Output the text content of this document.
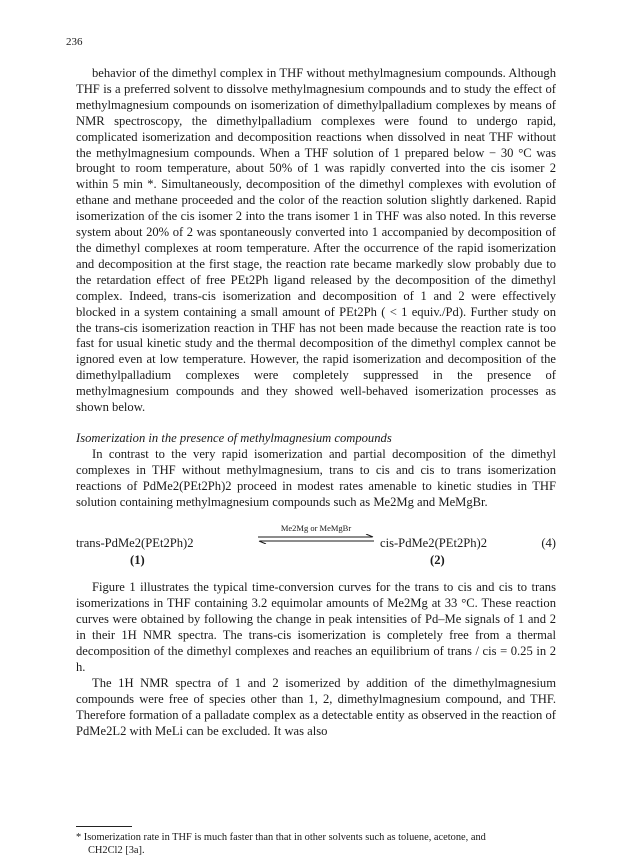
236

behavior of the dimethyl complex in THF without methylmagnesium compounds. Although THF is a preferred solvent to dissolve methylmagnesium compounds and to study the effect of methylmagnesium compounds on isomerization of dimethylpalladium complexes by means of NMR spectroscopy, the dimethylpalladium complexes were found to undergo rapid, complicated isomerization and decomposition reactions when dissolved in neat THF without the methylmagnesium compounds. When a THF solution of 1 prepared below − 30 °C was brought to room temperature, about 50% of 1 was rapidly converted into the cis isomer 2 within 5 min *. Simultaneously, decomposition of the dimethyl complexes with evolution of ethane and methane proceeded and the color of the reaction solution slightly darkened. Rapid isomerization of the cis isomer 2 into the trans isomer 1 in THF was also noted. In this reverse system about 20% of 2 was spontaneously converted into 1 accompanied by decomposition of the dimethyl complexes at room temperature. After the occurrence of the rapid isomerization and decomposition at the first stage, the reaction rate became markedly slow probably due to the retardation effect of free PEt2Ph ligand released by the decomposition of the dimethyl complex. Indeed, trans-cis isomerization and decomposition of 1 and 2 were effectively blocked in a system containing a small amount of PEt2Ph ( < 1 equiv./Pd). Further study on the trans-cis isomerization reaction in THF has not been made because the reaction rate is too fast for usual kinetic study and the thermal decomposition of the dimethyl complex cannot be ignored even at low temperature. However, the rapid isomerization and decomposition of the dimethylpalladium complexes were completely suppressed in the presence of methylmagnesium compounds and they showed well-behaved isomerization processes as shown below.

Isomerization in the presence of methylmagnesium compounds

In contrast to the very rapid isomerization and partial decomposition of the dimethyl complexes in THF without methylmagnesium, trans to cis and cis to trans isomerization reactions of PdMe2(PEt2Ph)2 proceed in modest rates amenable to kinetic studies in THF solution containing methylmagnesium compounds such as Me2Mg and MeMgBr.

trans-PdMe2(PEt2Ph)2
Me2Mg or MeMgBr
cis-PdMe2(PEt2Ph)2	(4)
(1)	(2)

Figure 1 illustrates the typical time-conversion curves for the trans to cis and cis to trans isomerizations in THF containing 3.2 equimolar amounts of Me2Mg at 33 °C. These reaction curves were obtained by following the change in peak intensities of Pd–Me signals of 1 and 2 in their 1H NMR spectra. The trans-cis isomerization is completely free from a thermal decomposition of the dimethyl complexes and reaches an equilibrium of trans / cis = 0.25 in 2 h.

The 1H NMR spectra of 1 and 2 isomerized by addition of the dimethylmagnesium compounds were free of species other than 1, 2, dimethylmagnesium compound, and THF. Therefore formation of a palladate complex as a detectable entity as observed in the reaction of PdMe2L2 with MeLi can be excluded. It was also

* Isomerization rate in THF is much faster than that in other solvents such as toluene, acetone, and
CH2Cl2 [3a].
